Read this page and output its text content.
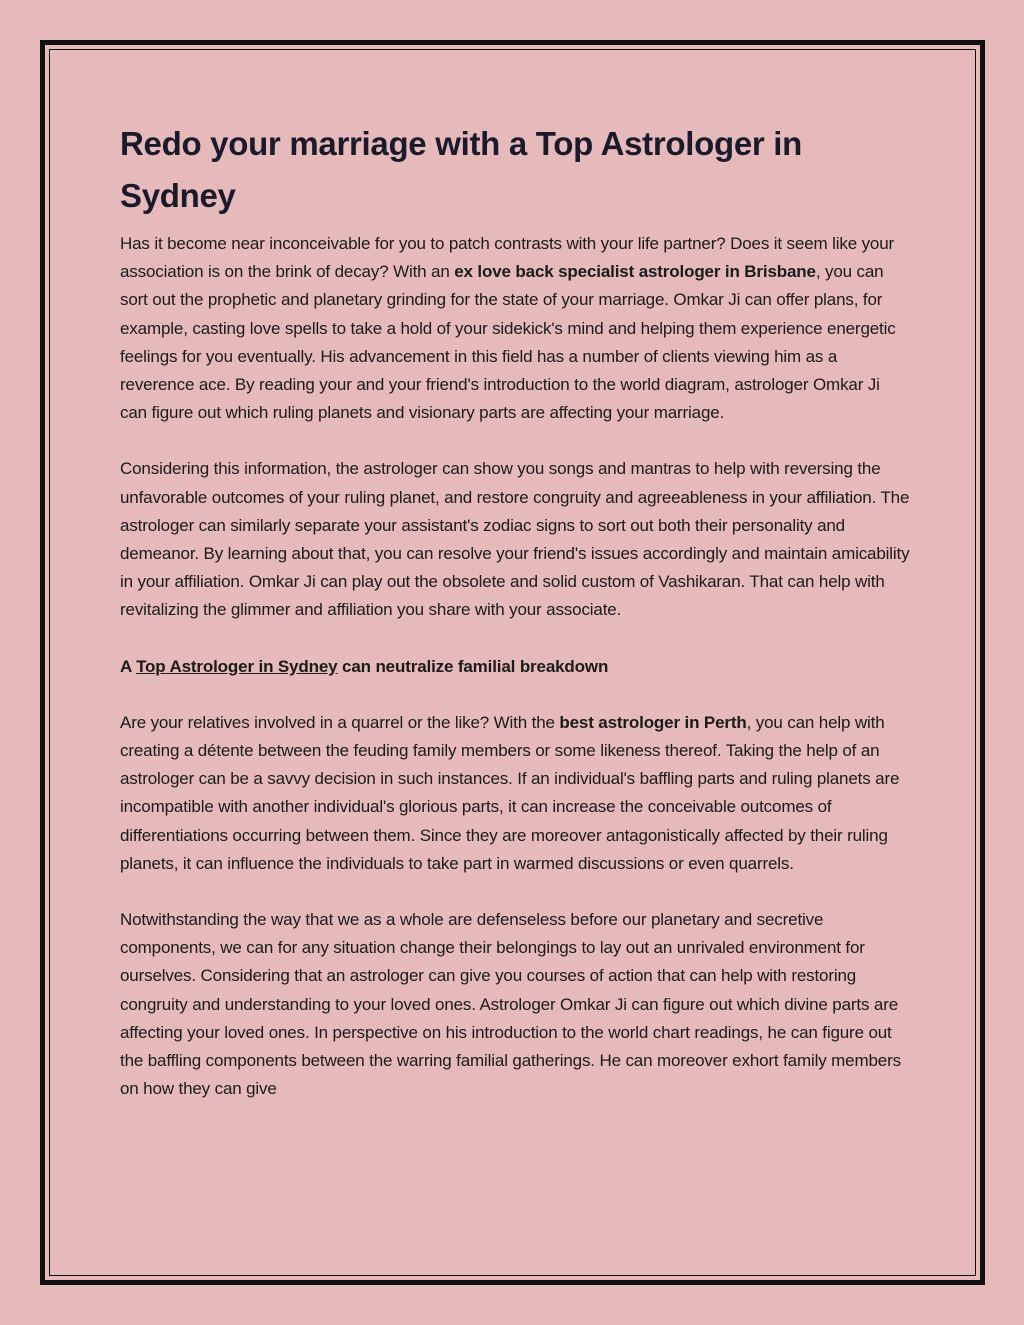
Redo your marriage with a Top Astrologer in Sydney

Has it become near inconceivable for you to patch contrasts with your life partner? Does it seem like your association is on the brink of decay? With an ex love back specialist astrologer in Brisbane, you can sort out the prophetic and planetary grinding for the state of your marriage. Omkar Ji can offer plans, for example, casting love spells to take a hold of your sidekick's mind and helping them experience energetic feelings for you eventually. His advancement in this field has a number of clients viewing him as a reverence ace. By reading your and your friend's introduction to the world diagram, astrologer Omkar Ji can figure out which ruling planets and visionary parts are affecting your marriage.

Considering this information, the astrologer can show you songs and mantras to help with reversing the unfavorable outcomes of your ruling planet, and restore congruity and agreeableness in your affiliation. The astrologer can similarly separate your assistant's zodiac signs to sort out both their personality and demeanor. By learning about that, you can resolve your friend's issues accordingly and maintain amicability in your affiliation. Omkar Ji can play out the obsolete and solid custom of Vashikaran. That can help with revitalizing the glimmer and affiliation you share with your associate.

A Top Astrologer in Sydney can neutralize familial breakdown

Are your relatives involved in a quarrel or the like? With the best astrologer in Perth, you can help with creating a détente between the feuding family members or some likeness thereof. Taking the help of an astrologer can be a savvy decision in such instances. If an individual's baffling parts and ruling planets are incompatible with another individual's glorious parts, it can increase the conceivable outcomes of differentiations occurring between them. Since they are moreover antagonistically affected by their ruling planets, it can influence the individuals to take part in warmed discussions or even quarrels.

Notwithstanding the way that we as a whole are defenseless before our planetary and secretive components, we can for any situation change their belongings to lay out an unrivaled environment for ourselves. Considering that an astrologer can give you courses of action that can help with restoring congruity and understanding to your loved ones. Astrologer Omkar Ji can figure out which divine parts are affecting your loved ones. In perspective on his introduction to the world chart readings, he can figure out the baffling components between the warring familial gatherings. He can moreover exhort family members on how they can give
